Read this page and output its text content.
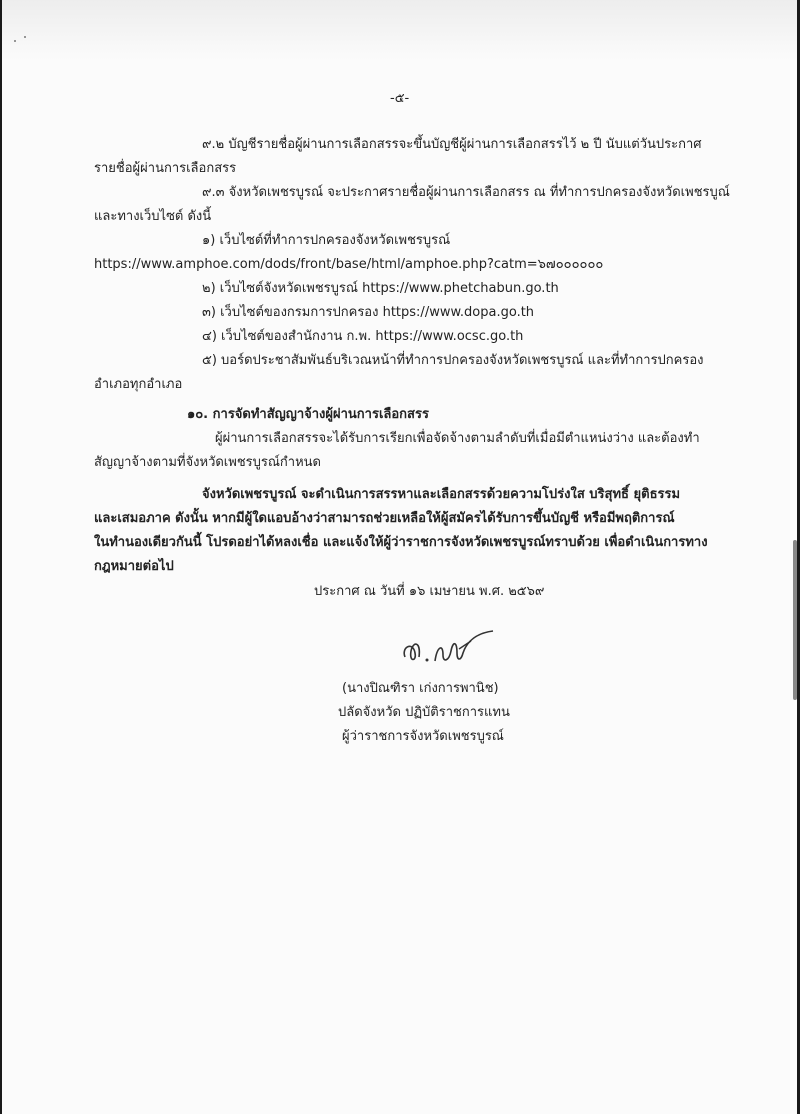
-๕-
๙.๒ บัญชีรายชื่อผู้ผ่านการเลือกสรรจะขึ้นบัญชีผู้ผ่านการเลือกสรรไว้ ๒ ปี นับแต่วันประกาศ
รายชื่อผู้ผ่านการเลือกสรร
๙.๓ จังหวัดเพชรบูรณ์ จะประกาศรายชื่อผู้ผ่านการเลือกสรร ณ ที่ทำการปกครองจังหวัดเพชรบูณ์
และทางเว็บไซต์ ดังนี้
๑) เว็บไซต์ที่ทำการปกครองจังหวัดเพชรบูรณ์
https://www.amphoe.com/dods/front/base/html/amphoe.php?catm=๖๗๐๐๐๐๐๐
๒) เว็บไซต์จังหวัดเพชรบูรณ์ https://www.phetchabun.go.th
๓) เว็บไซต์ของกรมการปกครอง https://www.dopa.go.th
๔) เว็บไซต์ของสำนักงาน ก.พ. https://www.ocsc.go.th
๕) บอร์ดประชาสัมพันธ์บริเวณหน้าที่ทำการปกครองจังหวัดเพชรบูรณ์ และที่ทำการปกครอง
อำเภอทุกอำเภอ
๑๐. การจัดทำสัญญาจ้างผู้ผ่านการเลือกสรร
ผู้ผ่านการเลือกสรรจะได้รับการเรียกเพื่อจัดจ้างตามลำดับที่เมื่อมีตำแหน่งว่าง และต้องทำ
สัญญาจ้างตามที่จังหวัดเพชรบูรณ์กำหนด
จังหวัดเพชรบูรณ์ จะดำเนินการสรรหาและเลือกสรรด้วยความโปร่งใส บริสุทธิ์ ยุติธรรม
และเสมอภาค ดังนั้น หากมีผู้ใดแอบอ้างว่าสามารถช่วยเหลือให้ผู้สมัครได้รับการขึ้นบัญชี หรือมีพฤติการณ์
ในทำนองเดียวกันนี้ โปรดอย่าได้หลงเชื่อ และแจ้งให้ผู้ว่าราชการจังหวัดเพชรบูรณ์ทราบด้วย เพื่อดำเนินการทาง
กฎหมายต่อไป
ประกาศ ณ วันที่ ๑๖ เมษายน พ.ศ. ๒๕๖๙
(นางปิณฑิรา เก่งการพานิช)
ปลัดจังหวัด ปฏิบัติราชการแทน
ผู้ว่าราชการจังหวัดเพชรบูรณ์
